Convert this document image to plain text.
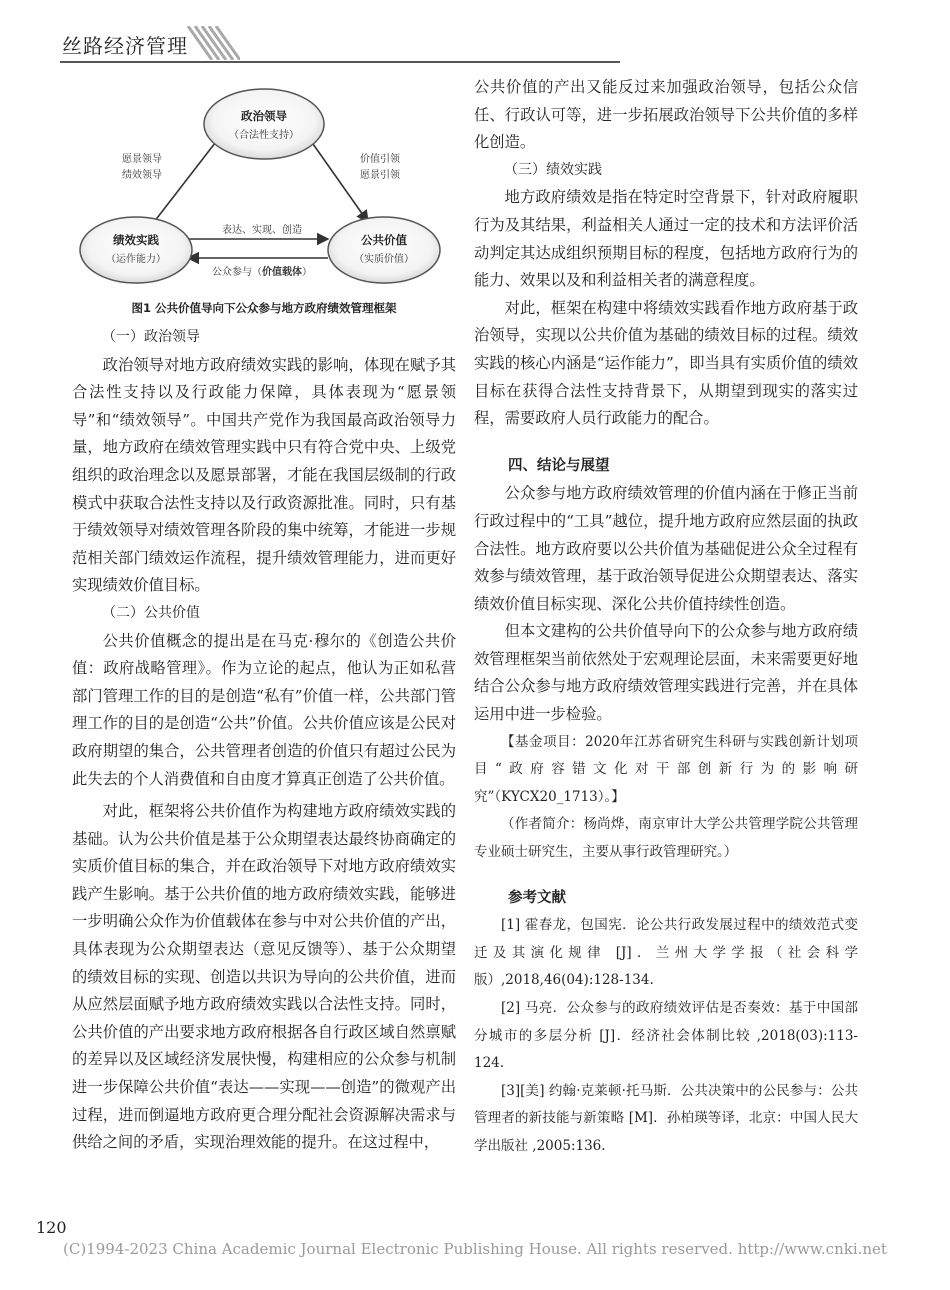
丝路经济管理
政治领导
（合法性支持）
绩效实践
（运作能力）
公共价值
（实质价值）
愿景领导
绩效领导
价值引领
愿景引领
表达、实现、创造
公众参与（价值载体）
图1 公共价值导向下公众参与地方政府绩效管理框架

（一）政治领导

政治领导对地方政府绩效实践的影响，体现在赋予其合法性支持以及行政能力保障，具体表现为“愿景领导”和“绩效领导”。中国共产党作为我国最高政治领导力量，地方政府在绩效管理实践中只有符合党中央、上级党组织的政治理念以及愿景部署，才能在我国层级制的行政模式中获取合法性支持以及行政资源批准。同时，只有基于绩效领导对绩效管理各阶段的集中统筹，才能进一步规范相关部门绩效运作流程，提升绩效管理能力，进而更好实现绩效价值目标。

（二）公共价值

公共价值概念的提出是在马克·穆尔的《创造公共价值：政府战略管理》。作为立论的起点，他认为正如私营部门管理工作的目的是创造“私有”价值一样，公共部门管理工作的目的是创造“公共”价值。公共价值应该是公民对政府期望的集合，公共管理者创造的价值只有超过公民为此失去的个人消费值和自由度才算真正创造了公共价值。

对此，框架将公共价值作为构建地方政府绩效实践的基础。认为公共价值是基于公众期望表达最终协商确定的实质价值目标的集合，并在政治领导下对地方政府绩效实践产生影响。基于公共价值的地方政府绩效实践，能够进一步明确公众作为价值载体在参与中对公共价值的产出，具体表现为公众期望表达（意见反馈等）、基于公众期望的绩效目标的实现、创造以共识为导向的公共价值，进而从应然层面赋予地方政府绩效实践以合法性支持。同时，公共价值的产出要求地方政府根据各自行政区域自然禀赋的差异以及区域经济发展快慢，构建相应的公众参与机制进一步保障公共价值“表达——实现——创造”的微观产出过程，进而倒逼地方政府更合理分配社会资源解决需求与供给之间的矛盾，实现治理效能的提升。在这过程中，

公共价值的产出又能反过来加强政治领导，包括公众信任、行政认可等，进一步拓展政治领导下公共价值的多样化创造。

（三）绩效实践

地方政府绩效是指在特定时空背景下，针对政府履职行为及其结果，利益相关人通过一定的技术和方法评价活动判定其达成组织预期目标的程度，包括地方政府行为的能力、效果以及和利益相关者的满意程度。

对此，框架在构建中将绩效实践看作地方政府基于政治领导，实现以公共价值为基础的绩效目标的过程。绩效实践的核心内涵是“运作能力”，即当具有实质价值的绩效目标在获得合法性支持背景下，从期望到现实的落实过程，需要政府人员行政能力的配合。

四、结论与展望

公众参与地方政府绩效管理的价值内涵在于修正当前行政过程中的“工具”越位，提升地方政府应然层面的执政合法性。地方政府要以公共价值为基础促进公众全过程有效参与绩效管理，基于政治领导促进公众期望表达、落实绩效价值目标实现、深化公共价值持续性创造。

但本文建构的公共价值导向下的公众参与地方政府绩效管理框架当前依然处于宏观理论层面，未来需要更好地结合公众参与地方政府绩效管理实践进行完善，并在具体运用中进一步检验。

【基金项目：2020年江苏省研究生科研与实践创新计划项目“政府容错文化对干部创新行为的影响研究”（KYCX20_1713）。】

（作者简介：杨尚烨，南京审计大学公共管理学院公共管理专业硕士研究生，主要从事行政管理研究。）

参考文献

[1] 霍春龙，包国宪．论公共行政发展过程中的绩效范式变迁及其演化规律 [J]．兰州大学学报（社会科学版）,2018,46(04):128-134.

[2] 马亮．公众参与的政府绩效评估是否奏效：基于中国部分城市的多层分析 [J]．经济社会体制比较 ,2018(03):113-124.

[3][美] 约翰·克莱顿·托马斯．公共决策中的公民参与：公共管理者的新技能与新策略 [M]．孙柏瑛等译，北京：中国人民大学出版社 ,2005:136.

120
(C)1994-2023 China Academic Journal Electronic Publishing House. All rights reserved. http://www.cnki.net
